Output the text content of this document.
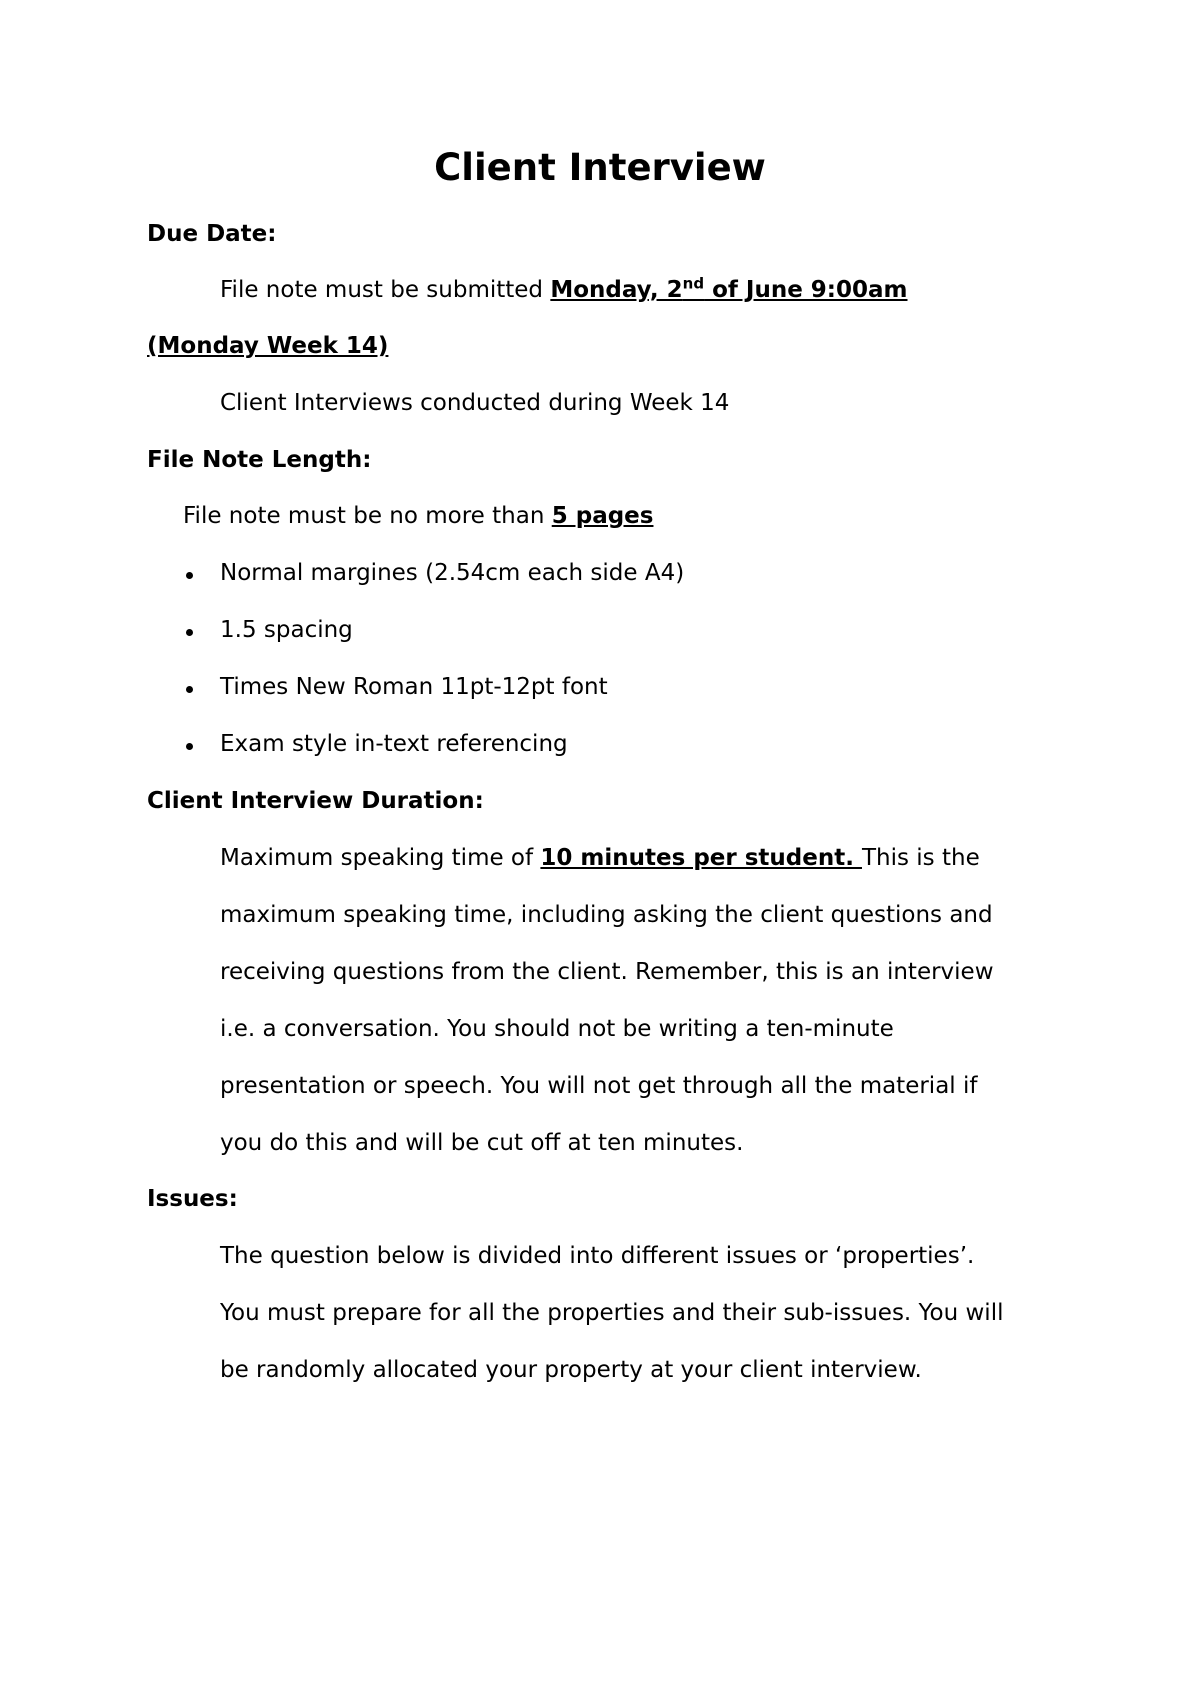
Client Interview
Due Date:
File note must be submitted Monday, 2nd of June 9:00am
(Monday Week 14)
Client Interviews conducted during Week 14
File Note Length:
File note must be no more than 5 pages
Normal margines (2.54cm each side A4)
1.5 spacing
Times New Roman 11pt-12pt font
Exam style in-text referencing
Client Interview Duration:
Maximum speaking time of 10 minutes per student. This is the
maximum speaking time, including asking the client questions and
receiving questions from the client. Remember, this is an interview
i.e. a conversation. You should not be writing a ten-minute
presentation or speech. You will not get through all the material if
you do this and will be cut off at ten minutes.
Issues:
The question below is divided into different issues or ‘properties’.
You must prepare for all the properties and their sub-issues. You will
be randomly allocated your property at your client interview.
